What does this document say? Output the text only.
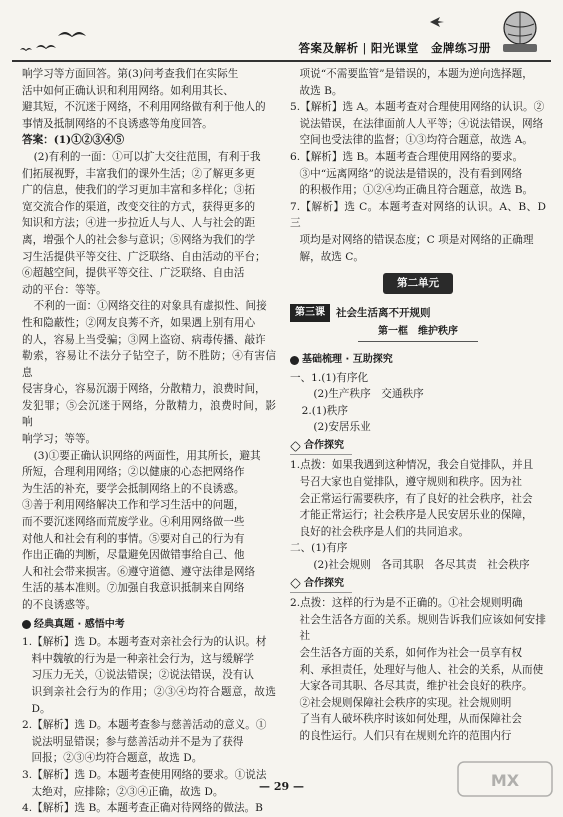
答案及解析 | 阳光课堂 金牌练习册

响学习等方面回答。第(3)问考查我们在实际生

活中如何正确认识和利用网络。如利用其长、

避其短，不沉迷于网络，不利用网络做有利于他人的

事情及抵制网络的不良诱惑等角度回答。

答案：(1)①②③④⑤

(2)有利的一面：①可以扩大交往范围，有利于我

们拓展视野，丰富我们的课外生活；②了解更多更

广的信息，使我们的学习更加丰富和多样化；③拓

宽交流合作的渠道，改变交往的方式，获得更多的

知识和方法；④进一步拉近人与人、人与社会的距

离，增强个人的社会参与意识；⑤网络为我们的学

习生活提供平等交往、广泛联络、自由活动的平台；

⑥超越空间，提供平等交往、广泛联络、自由活

动的平台：等等。

不利的一面：①网络交往的对象具有虚拟性、间接

性和隐蔽性；②网友良莠不齐，如果遇上别有用心

的人，容易上当受骗；③网上盗窃、病毒传播、敲诈

勒索，容易让不法分子钻空子，防不胜防；④有害信息

侵害身心，容易沉溺于网络，分散精力，浪费时间，

发犯罪；⑤会沉迷于网络，分散精力，浪费时间，影响

响学习；等等。

(3)①要正确认识网络的两面性，用其所长，避其

所短，合理利用网络；②以健康的心态把网络作

为生活的补充，要学会抵制网络上的不良诱惑。

③善于利用网络解决工作和学习生活中的问题，

而不要沉迷网络而荒废学业。④利用网络做一些

对他人和社会有利的事情。⑤要对自己的行为有

作出正确的判断，尽量避免因做错事给自己、他

人和社会带来损害。⑥遵守道德、遵守法律是网络

生活的基本准则。⑦加强自我意识抵制来自网络

的不良诱惑等。

经典真题 · 感悟中考

1.【解析】选 D。本题考查对亲社会行为的认识。材

料中魏敏的行为是一种亲社会行为，这与缓解学

习压力无关，①说法错误；②说法错误，没有认

识到亲社会行为的作用；②③④均符合题意，故选 D。

2.【解析】选 D。本题考查参与慈善活动的意义。①

说法明显错误；参与慈善活动并不是为了获得

回报；②③④均符合题意，故选 D。

3.【解析】选 D。本题考查使用网络的要求。①说法

太绝对，应排除；②③④正确，故选 D。

4.【解析】选 B。本题考查正确对待网络的做法。B

项说“不需要监管”是错误的，本题为逆向选择题，

故选 B。

5.【解析】选 A。本题考查对合理使用网络的认识。②

说法错误，在法律面前人人平等；④说法错误，网络

空间也受法律的监督；①③均符合题意，故选 A。

6.【解析】选 B。本题考查合理使用网络的要求。

③中“远离网络”的说法是错误的，没有看到网络

的积极作用；①②④均正确且符合题意，故选 B。

7.【解析】选 C。本题考查对网络的认识。A、B、D 三

项均是对网络的错误态度；C 项是对网络的正确理

解，故选 C。

第二单元
第三课	社会生活离不开规则
第一框　维护秩序
基础梳理 · 互助探究

一、1.(1)有序化

(2)生产秩序　交通秩序

2.(1)秩序

(2)安居乐业

合作探究

1.点拨：如果我遇到这种情况，我会自觉排队，并且

号召大家也自觉排队，遵守规则和秩序。因为社

会正常运行需要秩序，有了良好的社会秩序，社会

才能正常运行；社会秩序是人民安居乐业的保障，

良好的社会秩序是人们的共同追求。

二、(1)有序

(2)社会规则　各司其职　各尽其责　社会秩序

合作探究

2.点拨：这样的行为是不正确的。①社会规则明确

社会生活各方面的关系。规则告诉我们应该如何安排社

会生活各方面的关系，如何作为社会一员享有权

利、承担责任，处理好与他人、社会的关系，从而使

大家各司其职、各尽其责，维护社会良好的秩序。

②社会规则保障社会秩序的实现。社会规则明

了当有人破坏秩序时该如何处理，从而保障社会

的良性运行。人们只有在规则允许的范围内行

— 29 —	MX
